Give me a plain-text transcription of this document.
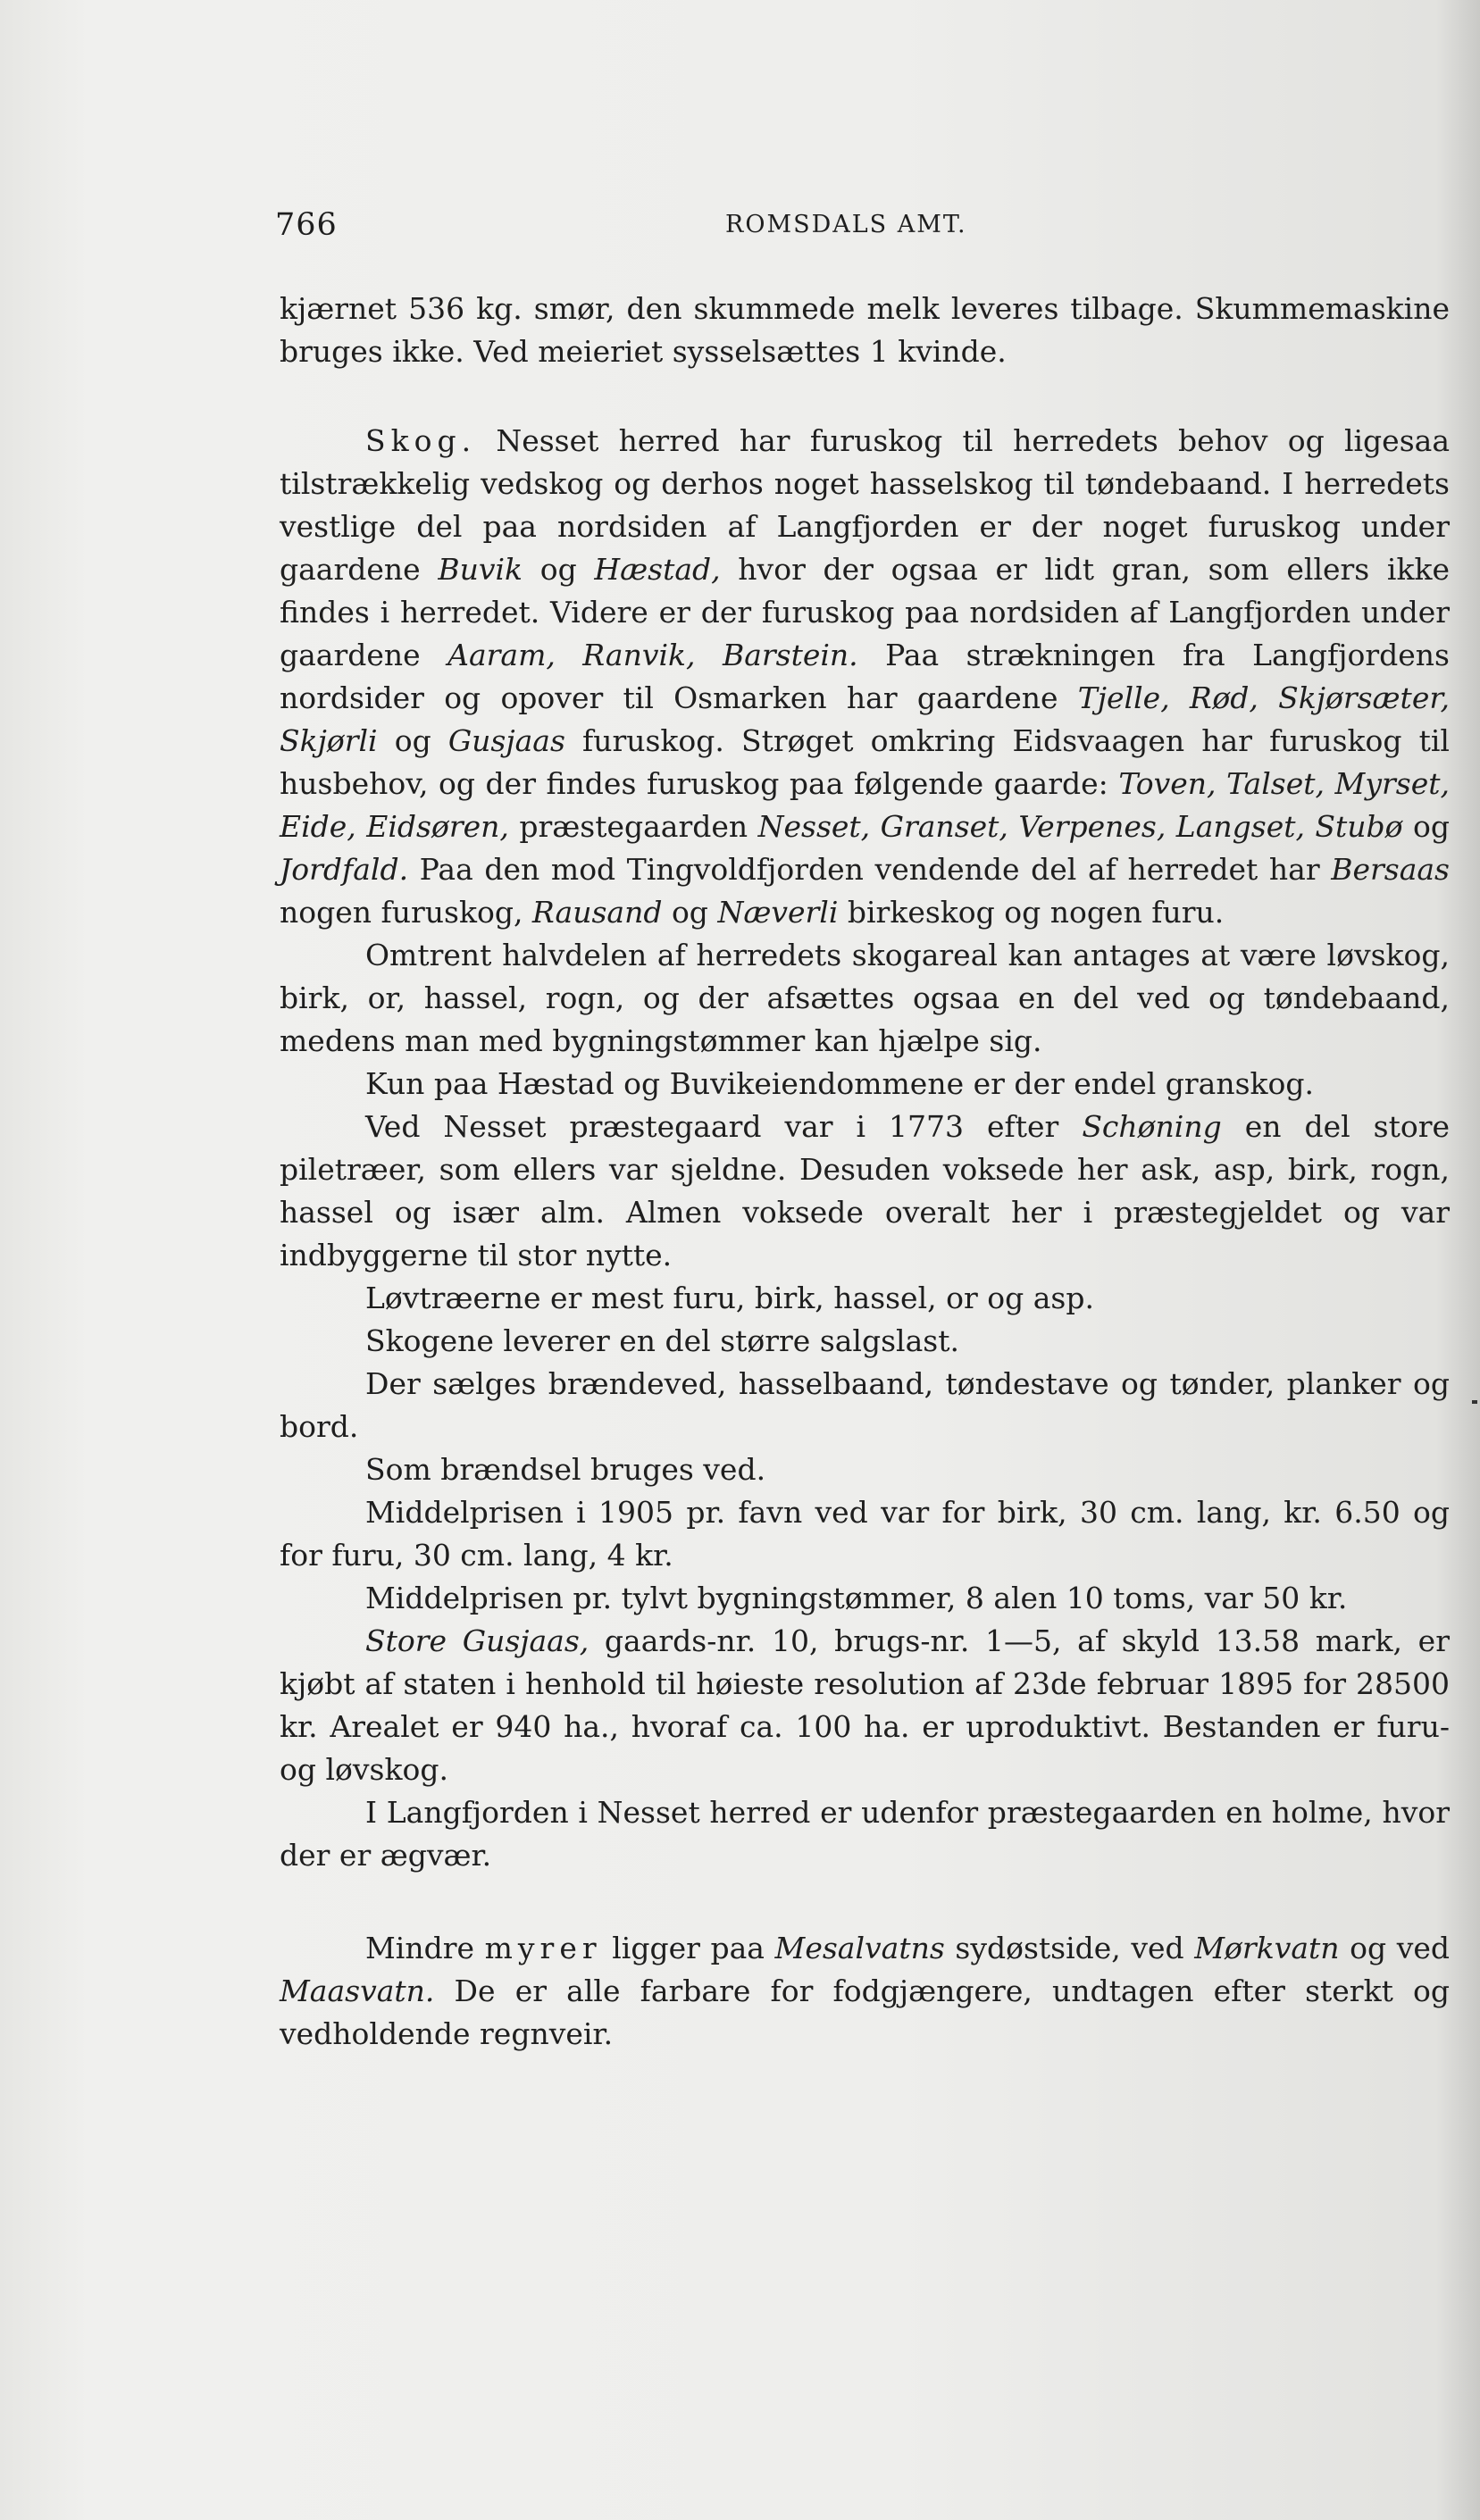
766	ROMSDALS AMT.

kjærnet 536 kg. smør, den skummede melk leveres tilbage. Skummemaskine bruges ikke. Ved meieriet sysselsættes 1 kvinde.

Skog. Nesset herred har furuskog til herredets behov og ligesaa tilstrækkelig vedskog og derhos noget hasselskog til tøndebaand. I herredets vestlige del paa nordsiden af Langfjorden er der noget furuskog under gaardene Buvik og Hæstad, hvor der ogsaa er lidt gran, som ellers ikke findes i herredet. Videre er der furuskog paa nordsiden af Langfjorden under gaardene Aaram, Ranvik, Barstein. Paa strækningen fra Langfjordens nordsider og opover til Osmarken har gaardene Tjelle, Rød, Skjørsæter, Skjørli og Gusjaas furuskog. Strøget omkring Eidsvaagen har furuskog til husbehov, og der findes furuskog paa følgende gaarde: Toven, Talset, Myrset, Eide, Eidsøren, præstegaarden Nesset, Granset, Verpenes, Langset, Stubø og Jordfald. Paa den mod Tingvoldfjorden vendende del af herredet har Bersaas nogen furuskog, Rausand og Næverli birkeskog og nogen furu.

Omtrent halvdelen af herredets skogareal kan antages at være løvskog, birk, or, hassel, rogn, og der afsættes ogsaa en del ved og tøndebaand, medens man med bygningstømmer kan hjælpe sig.

Kun paa Hæstad og Buvikeiendommene er der endel granskog.

Ved Nesset præstegaard var i 1773 efter Schøning en del store piletræer, som ellers var sjeldne. Desuden voksede her ask, asp, birk, rogn, hassel og især alm. Almen voksede overalt her i præstegjeldet og var indbyggerne til stor nytte.

Løvtræerne er mest furu, birk, hassel, or og asp.

Skogene leverer en del større salgslast.

Der sælges brændeved, hasselbaand, tøndestave og tønder, planker og bord.

Som brændsel bruges ved.

Middelprisen i 1905 pr. favn ved var for birk, 30 cm. lang, kr. 6.50 og for furu, 30 cm. lang, 4 kr.

Middelprisen pr. tylvt bygningstømmer, 8 alen 10 toms, var 50 kr.

Store Gusjaas, gaards-nr. 10, brugs-nr. 1—5, af skyld 13.58 mark, er kjøbt af staten i henhold til høieste resolution af 23de februar 1895 for 28500 kr. Arealet er 940 ha., hvoraf ca. 100 ha. er uproduktivt. Bestanden er furu- og løvskog.

I Langfjorden i Nesset herred er udenfor præstegaarden en holme, hvor der er ægvær.

Mindre myrer ligger paa Mesalvatns sydøstside, ved Mørkvatn og ved Maasvatn. De er alle farbare for fodgjængere, undtagen efter sterkt og vedholdende regnveir.
